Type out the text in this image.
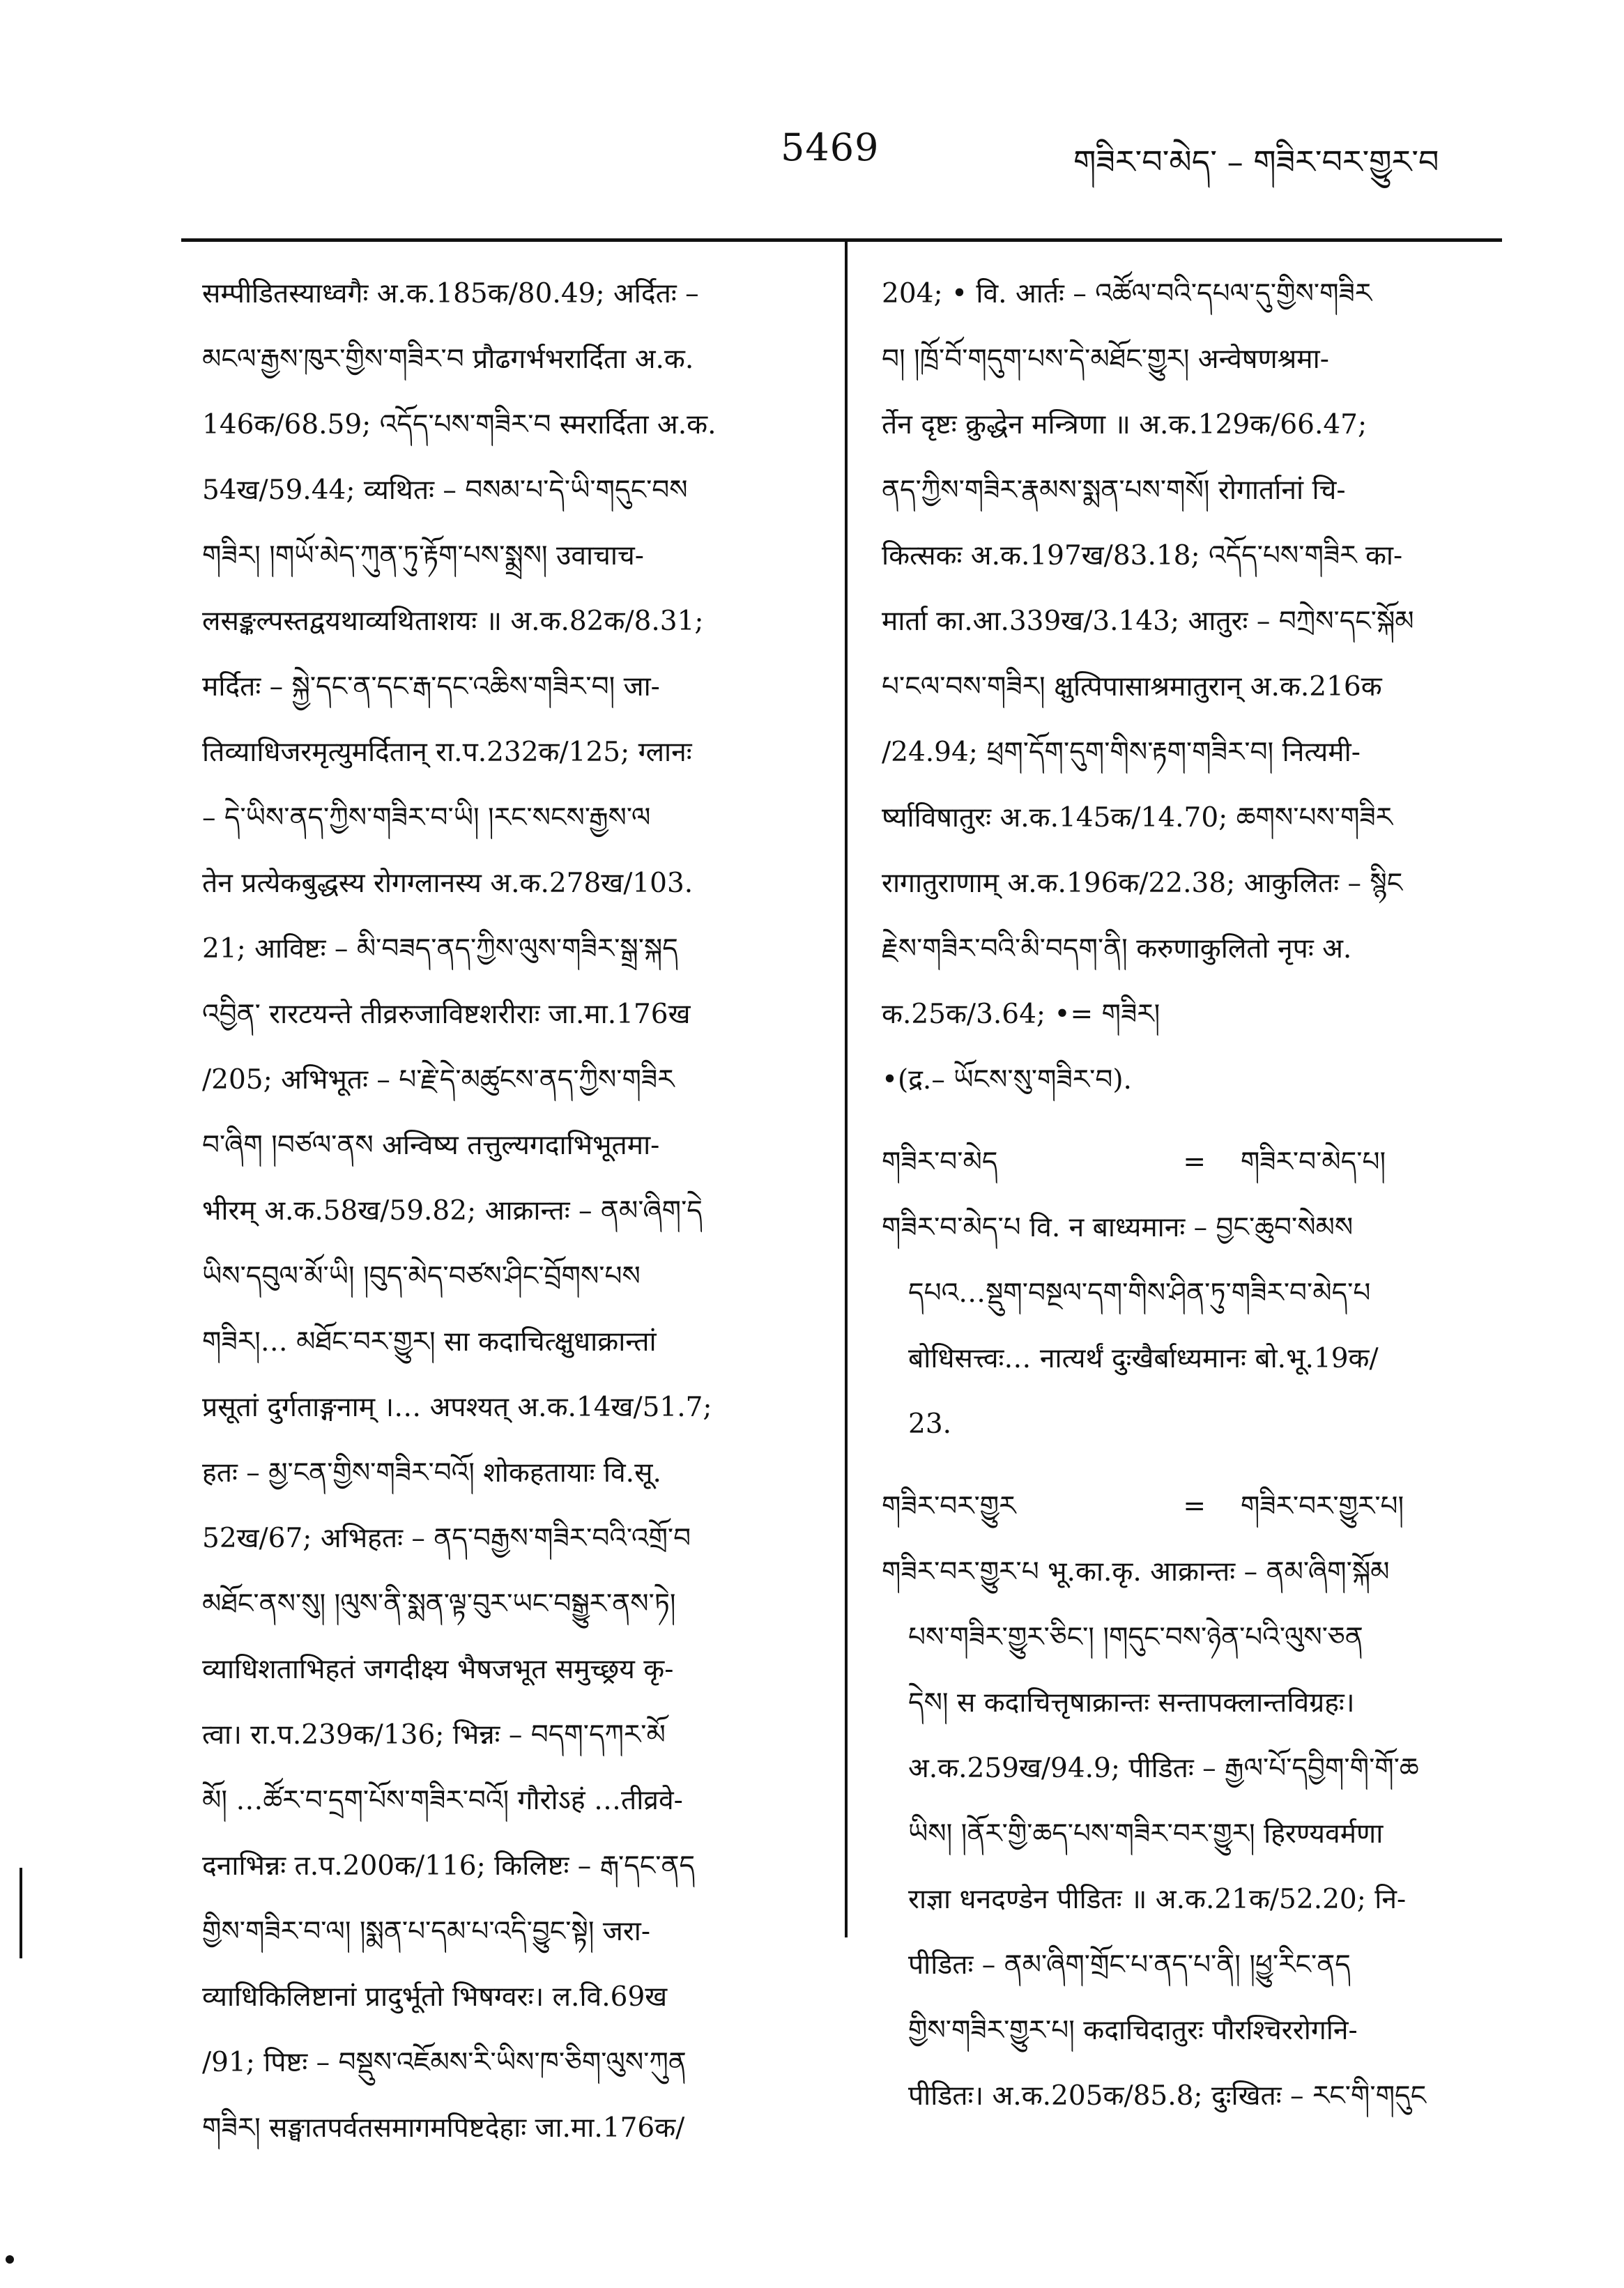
5469	གཟིར་བ་མེད་ – གཟིར་བར་གྱུར་བ
सम्पीडितस्याध्वगैः अ.क.185क/80.49; अर्दितः –
མངལ་རྒྱས་ཁུར་གྱིས་གཟིར་བ प्रौढगर्भभरार्दिता अ.क.
146क/68.59; འདོད་པས་གཟིར་བ स्मरार्दिता अ.क.
54ख/59.44; व्यथितः – བསམ་པ་དེ་ཡི་གདུང་བས
གཟིར། །གཡོ་མེད་ཀུན་ཏུ་རྟོག་པས་སྨྲས། उवाचाच-
लसङ्कल्पस्तद्वयथाव्यथिताशयः ॥ अ.क.82क/8.31;
मर्दितः – སྐྱེ་དང་ན་དང་རྒ་དང་འཆིས་གཟིར་བ། जा-
तिव्याधिजरमृत्युमर्दितान् रा.प.232क/125; ग्लानः
– དེ་ཡིས་ནད་ཀྱིས་གཟིར་བ་ཡི། །རང་སངས་རྒྱས་ལ
तेन प्रत्येकबुद्धस्य रोगग्लानस्य अ.क.278ख/103.
21; आविष्टः – མི་བཟད་ནད་ཀྱིས་ལུས་གཟིར་སྒྲ་སྐད
འབྱིན་ रारटयन्ते तीव्ररुजाविष्टशरीराः जा.मा.176ख
/205; अभिभूतः – པ་རྗེ་དེ་མཚུངས་ནད་ཀྱིས་གཟིར
བ་ཞིག །བཙལ་ནས अन्विष्य तत्तुल्यगदाभिभूतमा-
भीरम् अ.क.58ख/59.82; आक्रान्तः – ནམ་ཞིག་དེ
ཡིས་དབུལ་མོ་ཡི། །བུད་མེད་བཙས་ཤིང་བྲོགས་པས
གཟིར།… མཐོང་བར་གྱུར། सा कदाचित्क्षुधाक्रान्तां
प्रसूतां दुर्गताङ्गनाम् ।… अपश्यत् अ.क.14ख/51.7;
हतः – མྱ་ངན་གྱིས་གཟིར་བའོ། शोकहतायाः वि.सू.
52ख/67; अभिहतः – ནད་བརྒྱས་གཟིར་བའི་འགྲོ་བ
མཐོང་ནས་སུ། །ལུས་ནི་སྨན་ལྟ་བུར་ཡང་བསྒྱུར་ནས་ཏེ།
व्याधिशताभिहतं जगदीक्ष्य भैषजभूत समुच्छ्रय कृ-
त्वा। रा.प.239क/136; भिन्नः – བདག་དཀར་མོ
མོ། …ཚོར་བ་དྲག་པོས་གཟིར་བའོ། गौरोऽहं …तीव्रवे-
दनाभिन्नः त.प.200क/116; किलिष्टः – རྒ་དང་ནད
གྱིས་གཟིར་བ་ལ། །སྨན་པ་དམ་པ་འདི་བྱུང་སྟེ། जरा-
व्याधिकिलिष्टानां प्रादुर्भूतो भिषग्वरः। ल.वि.69ख
/91; पिष्टः – བསྡུས་འཇོམས་རི་ཡིས་ཁ་ཅིག་ལུས་ཀུན
གཟིར། सङ्घातपर्वतसमागमपिष्टदेहाः जा.मा.176क/
204; • वि. आर्तः – འཚོལ་བའི་དཔལ་དུ་གྱིས་གཟིར
བ། །ཁྲོ་བོ་གདུག་པས་དེ་མཐོང་གྱུར། अन्वेषणश्रमा-
र्तेन दृष्टः क्रुद्धेन मन्त्रिणा ॥ अ.क.129क/66.47;
ནད་ཀྱིས་གཟིར་རྣམས་སྨན་པས་གསོ། रोगार्तानां चि-
कित्सकः अ.क.197ख/83.18; འདོད་པས་གཟིར का-
मार्ता का.आ.339ख/3.143; आतुरः – བཀྲེས་དང་སྐོམ
པ་ངལ་བས་གཟིར། क्षुत्पिपासाश्रमातुरान् अ.क.216क
/24.94; ཕྲག་དོག་དུག་གིས་རྟག་གཟིར་བ། नित्यमी-
र्ष्याविषातुरः अ.क.145क/14.70; ཆགས་པས་གཟིར
रागातुराणाम् अ.क.196क/22.38; आकुलितः – སྙིང
རྗེས་གཟིར་བའི་མི་བདག་ནི། करुणाकुलितो नृपः अ.
क.25क/3.64; •= གཟིར།
•(द्र.– ཡོངས་སུ་གཟིར་བ).
གཟིར་བ་མེད	= གཟིར་བ་མེད་པ།
གཟིར་བ་མེད་པ वि. न बाध्यमानः – བྱང་ཆུབ་སེམས
དཔའ…སྡུག་བསྔལ་དག་གིས་ཤིན་ཏུ་གཟིར་བ་མེད་པ
बोधिसत्त्वः… नात्यर्थं दुःखैर्बाध्यमानः बो.भू.19क/
23.
གཟིར་བར་གྱུར	= གཟིར་བར་གྱུར་པ།
གཟིར་བར་གྱུར་པ भू.का.कृ. आक्रान्तः – ནམ་ཞིག་སྐོམ
པས་གཟིར་གྱུར་ཅིང་། །གདུང་བས་ཉེན་པའི་ལུས་ཅན
དེས། स कदाचित्तृषाक्रान्तः सन्तापक्लान्तविग्रहः।
अ.क.259ख/94.9; पीडितः – རྒྱལ་པོ་དབྱིག་གི་གོ་ཆ
ཡིས། །ནོར་གྱི་ཆད་པས་གཟིར་བར་གྱུར། हिरण्यवर्मणा
राज्ञा धनदण्डेन पीडितः ॥ अ.क.21क/52.20; नि-
पीडितः – ནམ་ཞིག་གྲོང་པ་ནད་པ་ནི། །ཕྱུ་རིང་ནད
གྱིས་གཟིར་གྱུར་པ། कदाचिदातुरः पौरश्चिररोगनि-
पीडितः। अ.क.205क/85.8; दुःखितः – རང་གི་གདུང
